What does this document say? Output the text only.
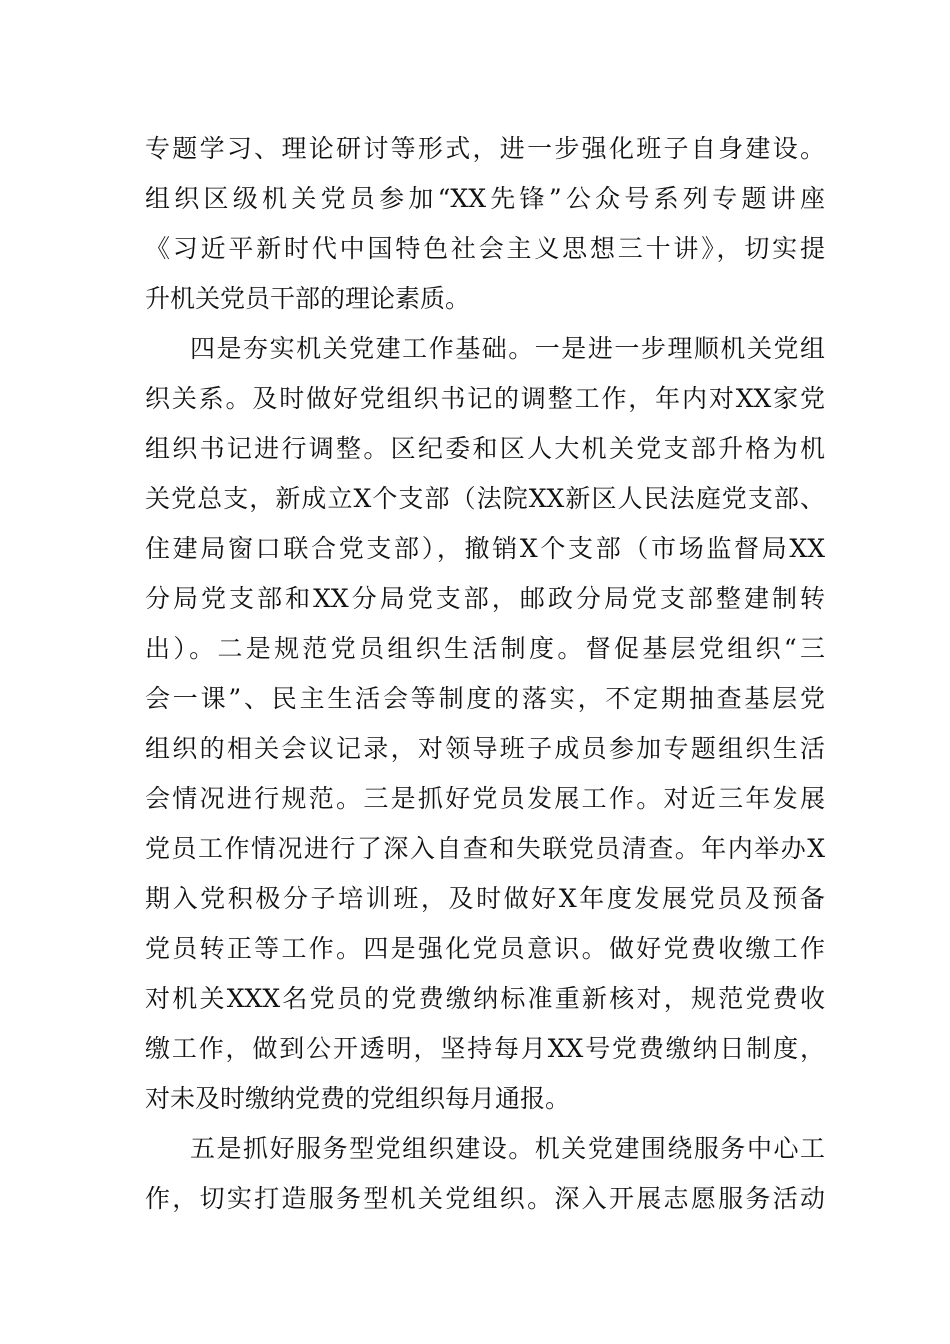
专题学习、理论研讨等形式，进一步强化班子自身建设。
组织区级机关党员参加“XX先锋”公众号系列专题讲座
《习近平新时代中国特色社会主义思想三十讲》，切实提
升机关党员干部的理论素质。
四是夯实机关党建工作基础。一是进一步理顺机关党组
织关系。及时做好党组织书记的调整工作，年内对XX家党
组织书记进行调整。区纪委和区人大机关党支部升格为机
关党总支，新成立X个支部（法院XX新区人民法庭党支部、
住建局窗口联合党支部），撤销X个支部（市场监督局XX
分局党支部和XX分局党支部，邮政分局党支部整建制转
出）。二是规范党员组织生活制度。督促基层党组织“三
会一课”、民主生活会等制度的落实，不定期抽查基层党
组织的相关会议记录，对领导班子成员参加专题组织生活
会情况进行规范。三是抓好党员发展工作。对近三年发展
党员工作情况进行了深入自查和失联党员清查。年内举办X
期入党积极分子培训班，及时做好X年度发展党员及预备
党员转正等工作。四是强化党员意识。做好党费收缴工作
对机关XXX名党员的党费缴纳标准重新核对，规范党费收
缴工作，做到公开透明，坚持每月XX号党费缴纳日制度，
对未及时缴纳党费的党组织每月通报。
五是抓好服务型党组织建设。机关党建围绕服务中心工
作，切实打造服务型机关党组织。深入开展志愿服务活动
